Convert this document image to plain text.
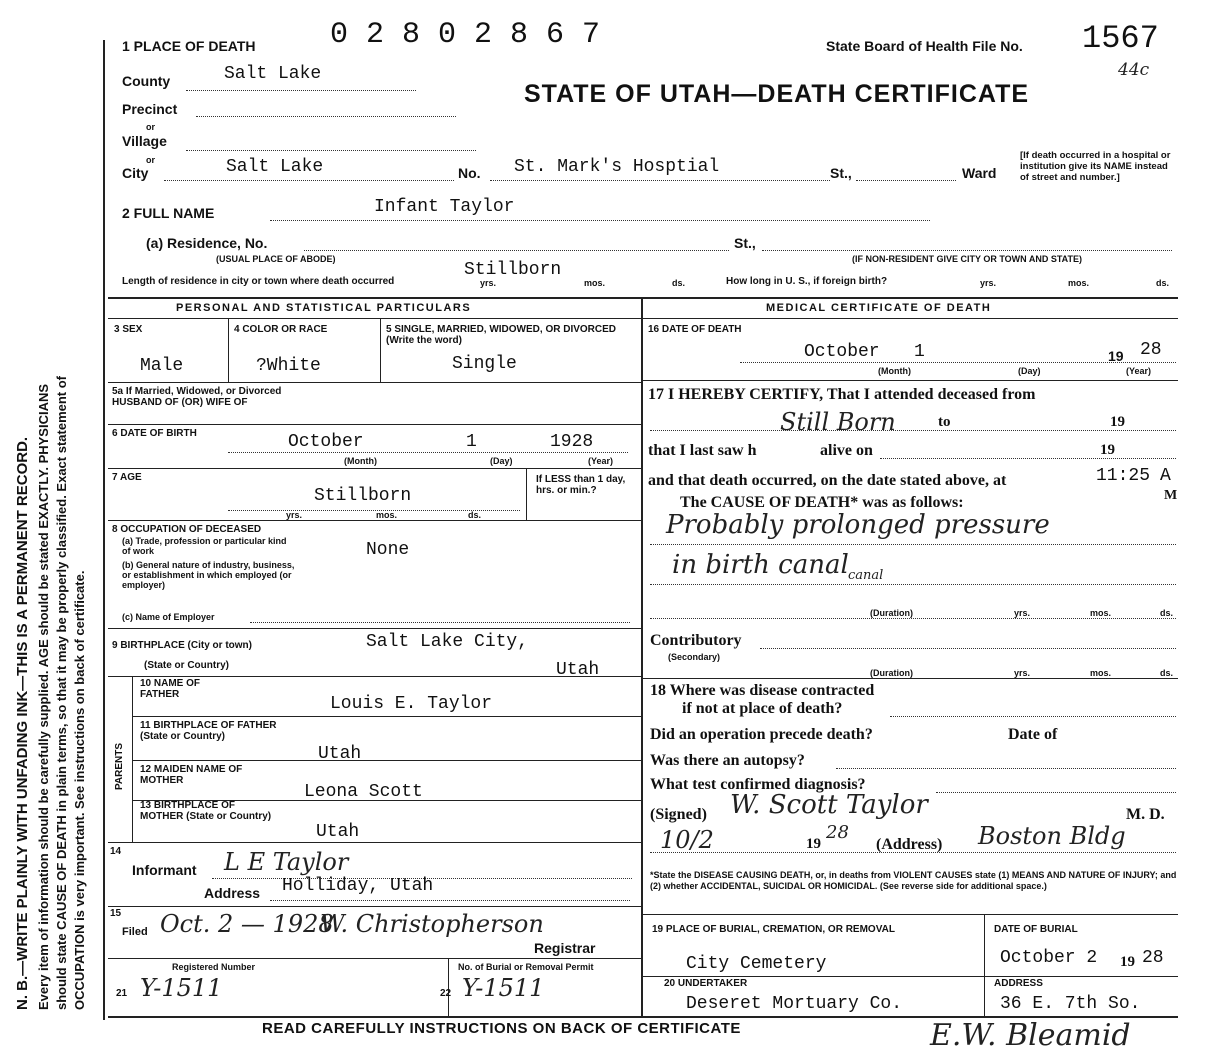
N. B.—WRITE PLAINLY WITH UNFADING INK—THIS IS A PERMANENT RECORD. Every item of information should be carefully supplied. AGE should be stated EXACTLY. PHYSICIANS should state CAUSE OF DEATH in plain terms, so that it may be properly classified. Exact statement of OCCUPATION is very important. See instructions on back of certificate.
1 PLACE OF DEATH 0 2 8 0 2 8 6 7	State Board of Health File No. 1567
44c
STATE OF UTAH—DEATH CERTIFICATE
County	Salt Lake
Precinct
or
Village
or
City	Salt Lake	No. St. Mark's Hosptial	St.,	Ward
[If death occurred in a hospital or institution give its NAME instead of street and number.]
2 FULL NAME	Infant Taylor
(a) Residence, No.
(USUAL PLACE OF ABODE)
St.,
(IF NON-RESIDENT GIVE CITY OR TOWN AND STATE)
Length of residence in city or town where death occurred
Stillborn
yrs.	mos.	ds.	How long in U. S., if foreign birth?	yrs.	mos.	ds.
PERSONAL AND STATISTICAL PARTICULARS	MEDICAL CERTIFICATE OF DEATH
3 SEX
Male
4 COLOR OR RACE
?White
5 SINGLE, MARRIED, WIDOWED, OR DIVORCED (Write the word)
Single
5a If Married, Widowed, or Divorced HUSBAND OF (OR) WIFE OF
6 DATE OF BIRTH	October	1	1928
(Month)	(Day)	(Year)
7 AGE
Stillborn
yrs.	mos.	ds.
If LESS than 1 day, hrs. or min.?
8 OCCUPATION OF DECEASED
(a) Trade, profession or particular kind of work
(b) General nature of industry, business, or establishment in which employed (or employer)
None
(c) Name of Employer
9 BIRTHPLACE (City or town)	Salt Lake City,
(State or Country)	Utah
PARENTS
10 NAME OF FATHER	Louis E. Taylor
11 BIRTHPLACE OF FATHER (State or Country)
Utah
12 MAIDEN NAME OF MOTHER
Leona Scott
13 BIRTHPLACE OF MOTHER (State or Country)
Utah
14
Informant L E Taylor
Address Holliday, Utah
15
Filed Oct. 2 — 1928
W. Christopherson
Registrar
Registered Number	No. of Burial or Removal Permit
21 Y-1511	22 Y-1511
16 DATE OF DEATH
October 1	19 28
(Month)	(Day)	(Year)
17 I HEREBY CERTIFY, That I attended deceased from
Still Born	to	19
that I last saw h	alive on	19
and that death occurred, on the date stated above, at	11:25 A
M
The CAUSE OF DEATH* was as follows:
Probably prolonged pressure
in birth canal canal
(Duration)	yrs.	mos.	ds.
Contributory
(Secondary)
(Duration)	yrs.	mos.	ds.
18 Where was disease contracted
if not at place of death?
Did an operation precede death?	Date of
Was there an autopsy?
What test confirmed diagnosis?
(Signed) W. Scott Taylor	M. D.
10/2	19
28
(Address) Boston Bldg
*State the DISEASE CAUSING DEATH, or, in deaths from VIOLENT CAUSES state (1) MEANS AND NATURE OF INJURY; and (2) whether ACCIDENTAL, SUICIDAL OR HOMICIDAL. (See reverse side for additional space.)
19 PLACE OF BURIAL, CREMATION, OR REMOVAL
City Cemetery
DATE OF BURIAL
October 2 19 28
20 UNDERTAKER
Deseret Mortuary Co.
ADDRESS
36 E. 7th So.
READ CAREFULLY INSTRUCTIONS ON BACK OF CERTIFICATE	E.W. Bleamid
